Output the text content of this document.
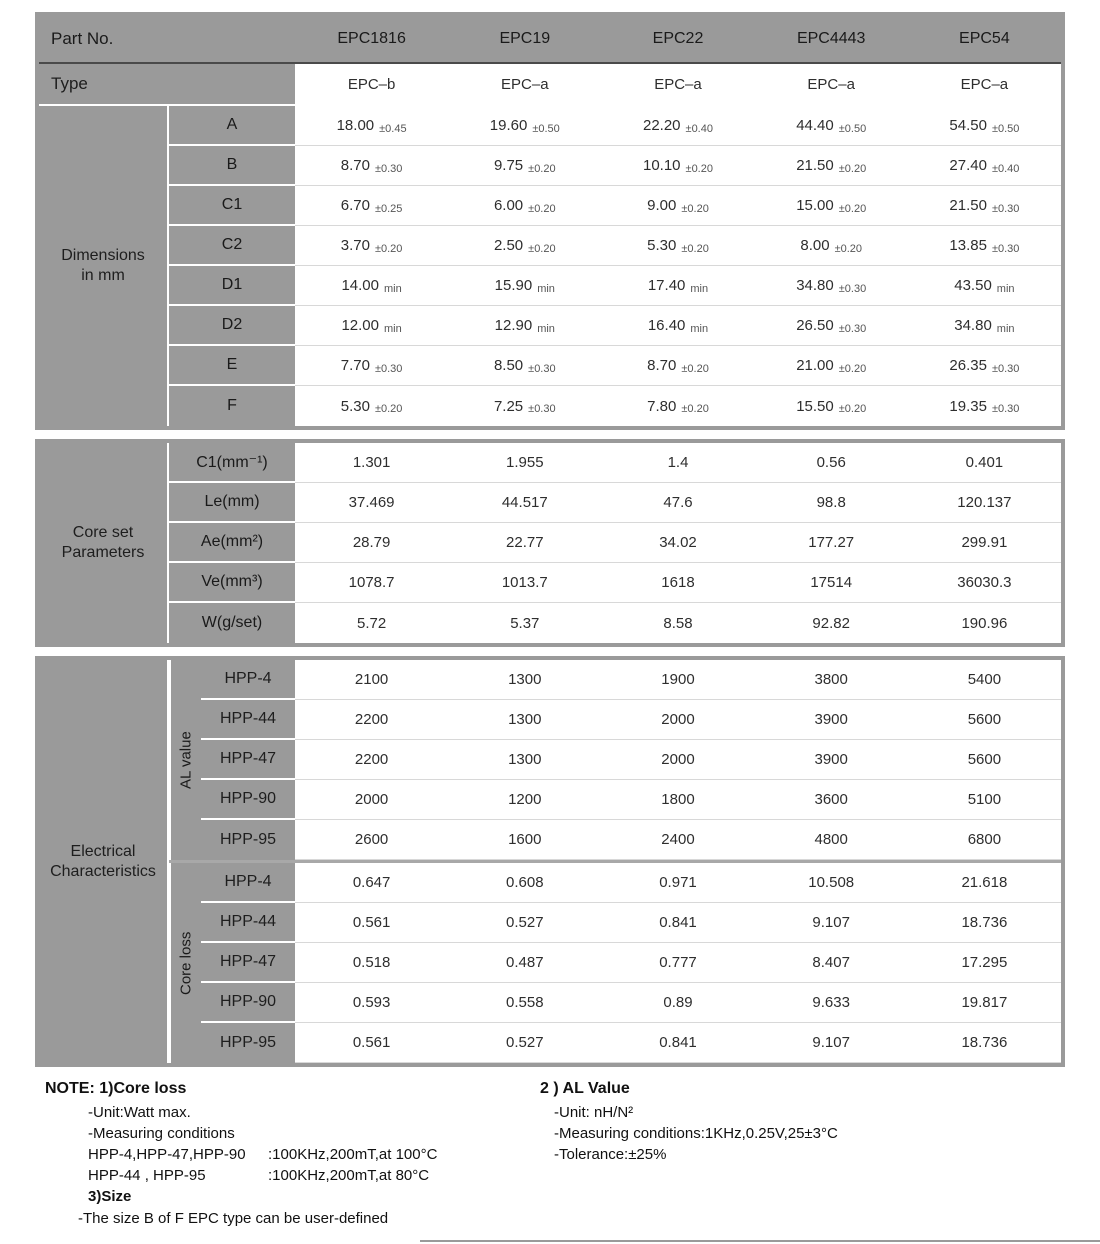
Part No.	EPC1816	EPC19	EPC22	EPC4443	EPC54
Type	EPC–b	EPC–a	EPC–a	EPC–a	EPC–a
Dimensions
in mm
A	18.00 ±0.45	19.60 ±0.50	22.20 ±0.40	44.40 ±0.50	54.50 ±0.50
B	8.70 ±0.30	9.75 ±0.20	10.10 ±0.20	21.50 ±0.20	27.40 ±0.40
C1	6.70 ±0.25	6.00 ±0.20	9.00 ±0.20	15.00 ±0.20	21.50 ±0.30
C2	3.70 ±0.20	2.50 ±0.20	5.30 ±0.20	8.00 ±0.20	13.85 ±0.30
D1	14.00 min	15.90 min	17.40 min	34.80 ±0.30	43.50 min
D2	12.00 min	12.90 min	16.40 min	26.50 ±0.30	34.80 min
E	7.70 ±0.30	8.50 ±0.30	8.70 ±0.20	21.00 ±0.20	26.35 ±0.30
F	5.30 ±0.20	7.25 ±0.30	7.80 ±0.20	15.50 ±0.20	19.35 ±0.30
Core set
Parameters
C1(mm⁻¹)	1.301	1.955	1.4	0.56	0.401
Le(mm)	37.469	44.517	47.6	98.8	120.137
Ae(mm²)	28.79	22.77	34.02	177.27	299.91
Ve(mm³)	1078.7	1013.7	1618	17514	36030.3
W(g/set)	5.72	5.37	8.58	92.82	190.96
Electrical
Characteristics
AL value
HPP-4	2100	1300	1900	3800	5400
HPP-44	2200	1300	2000	3900	5600
HPP-47	2200	1300	2000	3900	5600
HPP-90	2000	1200	1800	3600	5100
HPP-95	2600	1600	2400	4800	6800
Core loss
HPP-4	0.647	0.608	0.971	10.508	21.618
HPP-44	0.561	0.527	0.841	9.107	18.736
HPP-47	0.518	0.487	0.777	8.407	17.295
HPP-90	0.593	0.558	0.89	9.633	19.817
HPP-95	0.561	0.527	0.841	9.107	18.736
NOTE: 1)Core loss
-Unit:Watt max.
-Measuring conditions
HPP-4,HPP-47,HPP-90	:100KHz,200mT,at 100°C
HPP-44 , HPP-95	:100KHz,200mT,at 80°C
3)Size
-The size B of F EPC type can be user-defined
2 ) AL Value
-Unit: nH/N²
-Measuring conditions:1KHz,0.25V,25±3°C
-Tolerance:±25%
